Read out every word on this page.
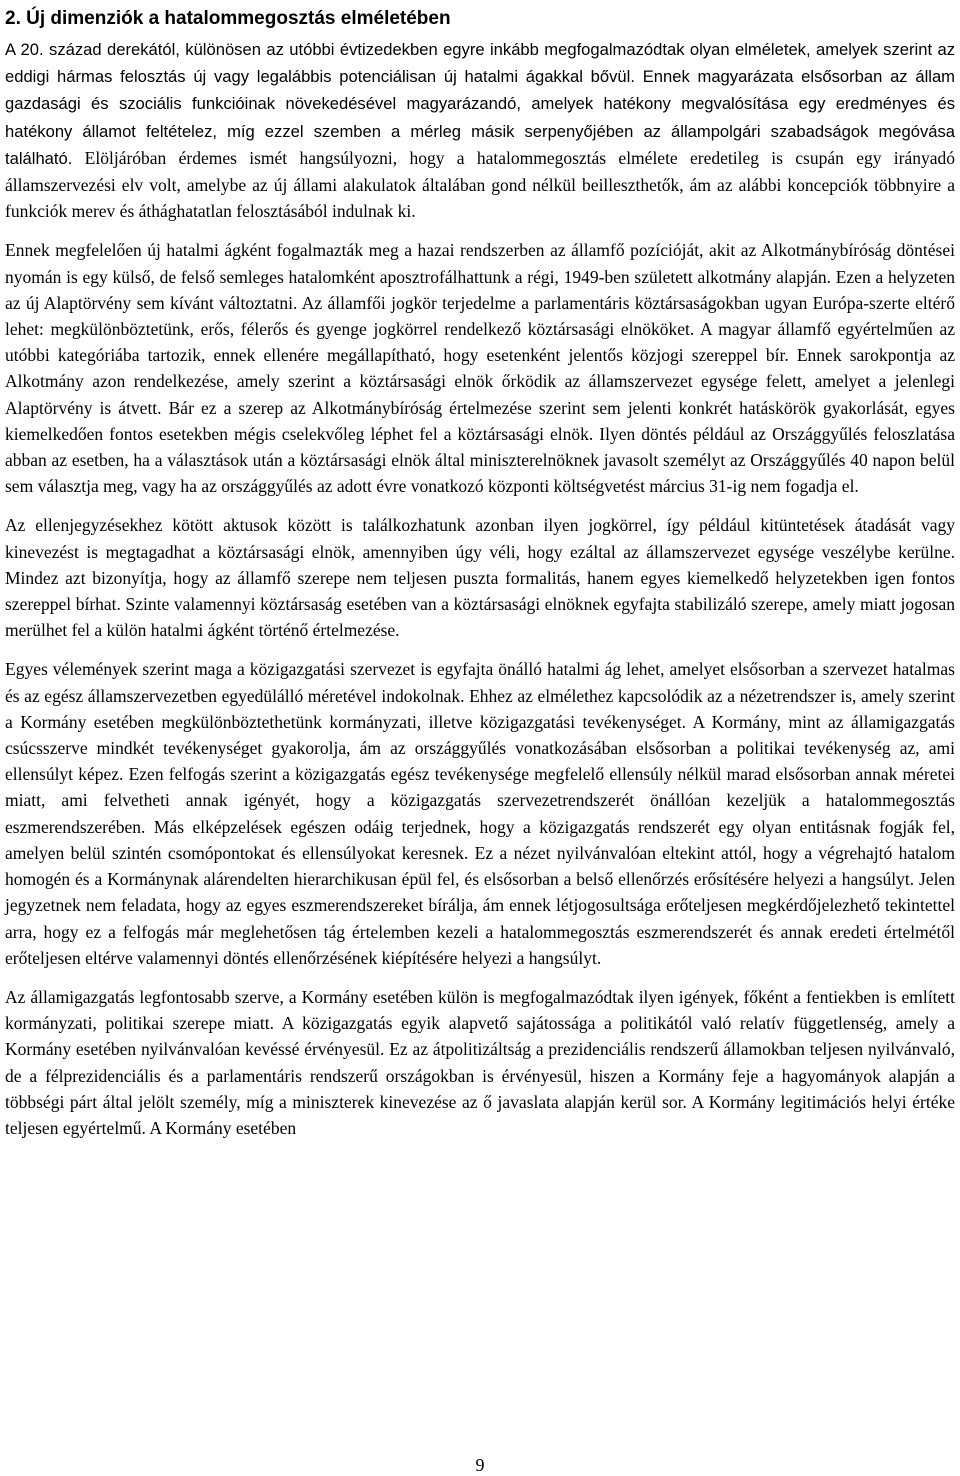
2. Új dimenziók a hatalommegosztás elméletében

A 20. század derekától, különösen az utóbbi évtizedekben egyre inkább megfogalmazódtak olyan elméletek, amelyek szerint az eddigi hármas felosztás új vagy legalábbis potenciálisan új hatalmi ágakkal bővül. Ennek magyarázata elsősorban az állam gazdasági és szociális funkcióinak növekedésével magyarázandó, amelyek hatékony megvalósítása egy eredményes és hatékony államot feltételez, míg ezzel szemben a mérleg másik serpenyőjében az állampolgári szabadságok megóvása található. Elöljáróban érdemes ismét hangsúlyozni, hogy a hatalommegosztás elmélete eredetileg is csupán egy irányadó államszervezési elv volt, amelybe az új állami alakulatok általában gond nélkül beilleszthetők, ám az alábbi koncepciók többnyire a funkciók merev és áthághatatlan felosztásából indulnak ki.

Ennek megfelelően új hatalmi ágként fogalmazták meg a hazai rendszerben az államfő pozícióját, akit az Alkotmánybíróság döntései nyomán is egy külső, de felső semleges hatalomként aposztrofálhattunk a régi, 1949-ben született alkotmány alapján. Ezen a helyzeten az új Alaptörvény sem kívánt változtatni. Az államfői jogkör terjedelme a parlamentáris köztársaságokban ugyan Európa-szerte eltérő lehet: megkülönböztetünk, erős, félerős és gyenge jogkörrel rendelkező köztársasági elnököket. A magyar államfő egyértelműen az utóbbi kategóriába tartozik, ennek ellenére megállapítható, hogy esetenként jelentős közjogi szereppel bír. Ennek sarokpontja az Alkotmány azon rendelkezése, amely szerint a köztársasági elnök őrködik az államszervezet egysége felett, amelyet a jelenlegi Alaptörvény is átvett. Bár ez a szerep az Alkotmánybíróság értelmezése szerint sem jelenti konkrét hatáskörök gyakorlását, egyes kiemelkedően fontos esetekben mégis cselekvőleg léphet fel a köztársasági elnök. Ilyen döntés például az Országgyűlés feloszlatása abban az esetben, ha a választások után a köztársasági elnök által miniszterelnöknek javasolt személyt az Országgyűlés 40 napon belül sem választja meg, vagy ha az országgyűlés az adott évre vonatkozó központi költségvetést március 31-ig nem fogadja el.

Az ellenjegyzésekhez kötött aktusok között is találkozhatunk azonban ilyen jogkörrel, így például kitüntetések átadását vagy kinevezést is megtagadhat a köztársasági elnök, amennyiben úgy véli, hogy ezáltal az államszervezet egysége veszélybe kerülne. Mindez azt bizonyítja, hogy az államfő szerepe nem teljesen puszta formalitás, hanem egyes kiemelkedő helyzetekben igen fontos szereppel bírhat. Szinte valamennyi köztársaság esetében van a köztársasági elnöknek egyfajta stabilizáló szerepe, amely miatt jogosan merülhet fel a külön hatalmi ágként történő értelmezése.

Egyes vélemények szerint maga a közigazgatási szervezet is egyfajta önálló hatalmi ág lehet, amelyet elsősorban a szervezet hatalmas és az egész államszervezetben egyedülálló méretével indokolnak. Ehhez az elmélethez kapcsolódik az a nézetrendszer is, amely szerint a Kormány esetében megkülönböztethetünk kormányzati, illetve közigazgatási tevékenységet. A Kormány, mint az államigazgatás csúcsszerve mindkét tevékenységet gyakorolja, ám az országgyűlés vonatkozásában elsősorban a politikai tevékenység az, ami ellensúlyt képez. Ezen felfogás szerint a közigazgatás egész tevékenysége megfelelő ellensúly nélkül marad elsősorban annak méretei miatt, ami felvetheti annak igényét, hogy a közigazgatás szervezetrendszerét önállóan kezeljük a hatalommegosztás eszmerendszerében. Más elképzelések egészen odáig terjednek, hogy a közigazgatás rendszerét egy olyan entitásnak fogják fel, amelyen belül szintén csomópontokat és ellensúlyokat keresnek. Ez a nézet nyilvánvalóan eltekint attól, hogy a végrehajtó hatalom homogén és a Kormánynak alárendelten hierarchikusan épül fel, és elsősorban a belső ellenőrzés erősítésére helyezi a hangsúlyt. Jelen jegyzetnek nem feladata, hogy az egyes eszmerendszereket bírálja, ám ennek létjogosultsága erőteljesen megkérdőjelezhető tekintettel arra, hogy ez a felfogás már meglehetősen tág értelemben kezeli a hatalommegosztás eszmerendszerét és annak eredeti értelmétől erőteljesen eltérve valamennyi döntés ellenőrzésének kiépítésére helyezi a hangsúlyt.

Az államigazgatás legfontosabb szerve, a Kormány esetében külön is megfogalmazódtak ilyen igények, főként a fentiekben is említett kormányzati, politikai szerepe miatt. A közigazgatás egyik alapvető sajátossága a politikától való relatív függetlenség, amely a Kormány esetében nyilvánvalóan kevéssé érvényesül. Ez az átpolitizáltság a prezidenciális rendszerű államokban teljesen nyilvánvaló, de a félprezidenciális és a parlamentáris rendszerű országokban is érvényesül, hiszen a Kormány feje a hagyományok alapján a többségi párt által jelölt személy, míg a miniszterek kinevezése az ő javaslata alapján kerül sor. A Kormány legitimációs helyi értéke teljesen egyértelmű. A Kormány esetében

9
